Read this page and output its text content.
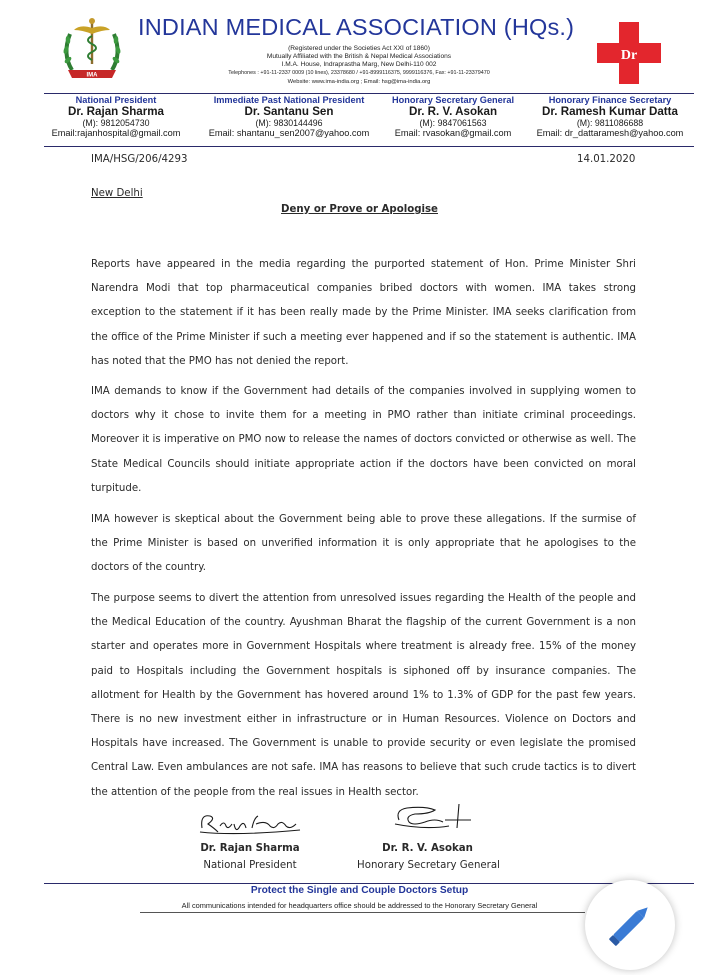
IMA
INDIAN MEDICAL ASSOCIATION (HQs.)
(Registered under the Societies Act XXI of 1860)
Mutually Affiliated with the British & Nepal Medical Associations
I.M.A. House, Indraprastha Marg, New Delhi-110 002
Telephones : +91-11-2337 0009 (10 lines), 23378680 / +91-8999116375, 9999116376, Fax: +91-11-23379470
Website: www.ima-india.org ; Email: hsg@ima-india.org
Dr
National President
Dr. Rajan Sharma
(M): 9812054730
Email:rajanhospital@gmail.com
Immediate Past National President
Dr. Santanu Sen
(M): 9830144496
Email: shantanu_sen2007@yahoo.com
Honorary Secretary General
Dr. R. V. Asokan
(M): 9847061563
Email: rvasokan@gmail.com
Honorary Finance Secretary
Dr. Ramesh Kumar Datta
(M): 9811086688
Email: dr_dattaramesh@yahoo.com
IMA/HSG/206/4293	14.01.2020
New Delhi
Deny or Prove or Apologise
Reports have appeared in the media regarding the purported statement of Hon. Prime Minister Shri Narendra Modi that top pharmaceutical companies bribed doctors with women. IMA takes strong exception to the statement if it has been really made by the Prime Minister. IMA seeks clarification from the office of the Prime Minister if such a meeting ever happened and if so the statement is authentic. IMA has noted that the PMO has not denied the report.
IMA demands to know if the Government had details of the companies involved in supplying women to doctors why it chose to invite them for a meeting in PMO rather than initiate criminal proceedings. Moreover it is imperative on PMO now to release the names of doctors convicted or otherwise as well. The State Medical Councils should initiate appropriate action if the doctors have been convicted on moral turpitude.
IMA however is skeptical about the Government being able to prove these allegations. If the surmise of the Prime Minister is based on unverified information it is only appropriate that he apologises to the doctors of the country.
The purpose seems to divert the attention from unresolved issues regarding the Health of the people and the Medical Education of the country. Ayushman Bharat the flagship of the current Government is a non starter and operates more in Government Hospitals where treatment is already free. 15% of the money paid to Hospitals including the Government hospitals is siphoned off by insurance companies. The allotment for Health by the Government has hovered around 1% to 1.3% of GDP for the past few years. There is no new investment either in infrastructure or in Human Resources. Violence on Doctors and Hospitals have increased. The Government is unable to provide security or even legislate the promised Central Law. Even ambulances are not safe. IMA has reasons to believe that such crude tactics is to divert the attention of the people from the real issues in Health sector.
Dr. Rajan Sharma
National President
Dr. R. V. Asokan
Honorary Secretary General
Protect the Single and Couple Doctors Setup
All communications intended for headquarters office should be addressed to the Honorary Secretary General
